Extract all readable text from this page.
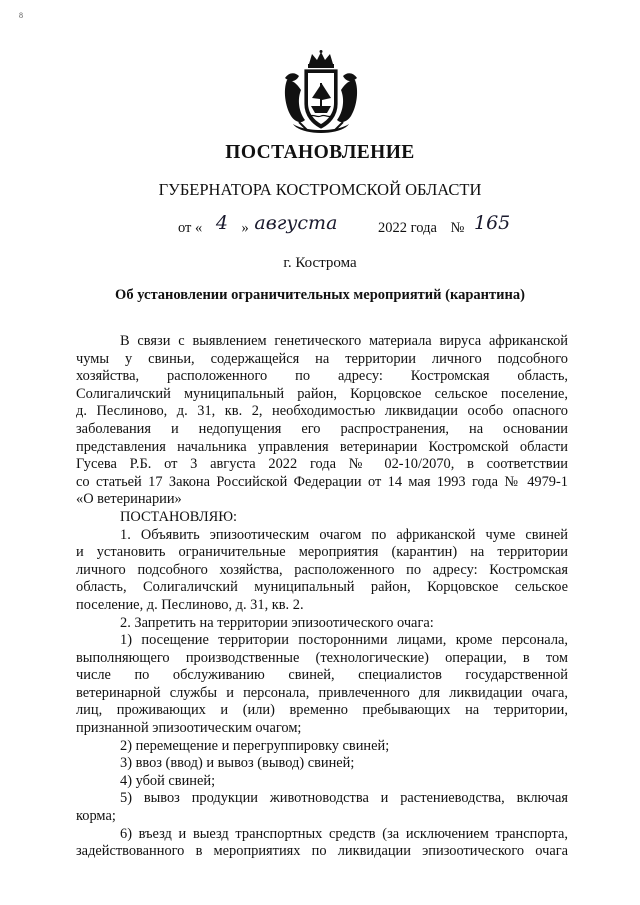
8
ПОСТАНОВЛЕНИЕ
ГУБЕРНАТОРА КОСТРОМСКОЙ ОБЛАСТИ
от « 4 » августа	2022 года № 165
г. Кострома
Об установлении ограничительных мероприятий (карантина)
В связи с выявлением генетического материала вируса африканской
чумы у свиньи, содержащейся на территории личного подсобного
хозяйства, расположенного по адресу: Костромская область,
Солигаличский муниципальный район, Корцовское сельское поселение,
д. Песлиново, д. 31, кв. 2, необходимостью ликвидации особо опасного
заболевания и недопущения его распространения, на основании
представления начальника управления ветеринарии Костромской области
Гусева Р.Б. от 3 августа 2022 года № 02-10/2070, в соответствии
со статьей 17 Закона Российской Федерации от 14 мая 1993 года № 4979-1
«О ветеринарии»
ПОСТАНОВЛЯЮ:
1. Объявить эпизоотическим очагом по африканской чуме свиней
и установить ограничительные мероприятия (карантин) на территории
личного подсобного хозяйства, расположенного по адресу: Костромская
область, Солигаличский муниципальный район, Корцовское сельское
поселение, д. Песлиново, д. 31, кв. 2.
2. Запретить на территории эпизоотического очага:
1) посещение территории посторонними лицами, кроме персонала,
выполняющего производственные (технологические) операции, в том
числе по обслуживанию свиней, специалистов государственной
ветеринарной службы и персонала, привлеченного для ликвидации очага,
лиц, проживающих и (или) временно пребывающих на территории,
признанной эпизоотическим очагом;
2) перемещение и перегруппировку свиней;
3) ввоз (ввод) и вывоз (вывод) свиней;
4) убой свиней;
5) вывоз продукции животноводства и растениеводства, включая
корма;
6) въезд и выезд транспортных средств (за исключением транспорта,
задействованного в мероприятиях по ликвидации эпизоотического очага
